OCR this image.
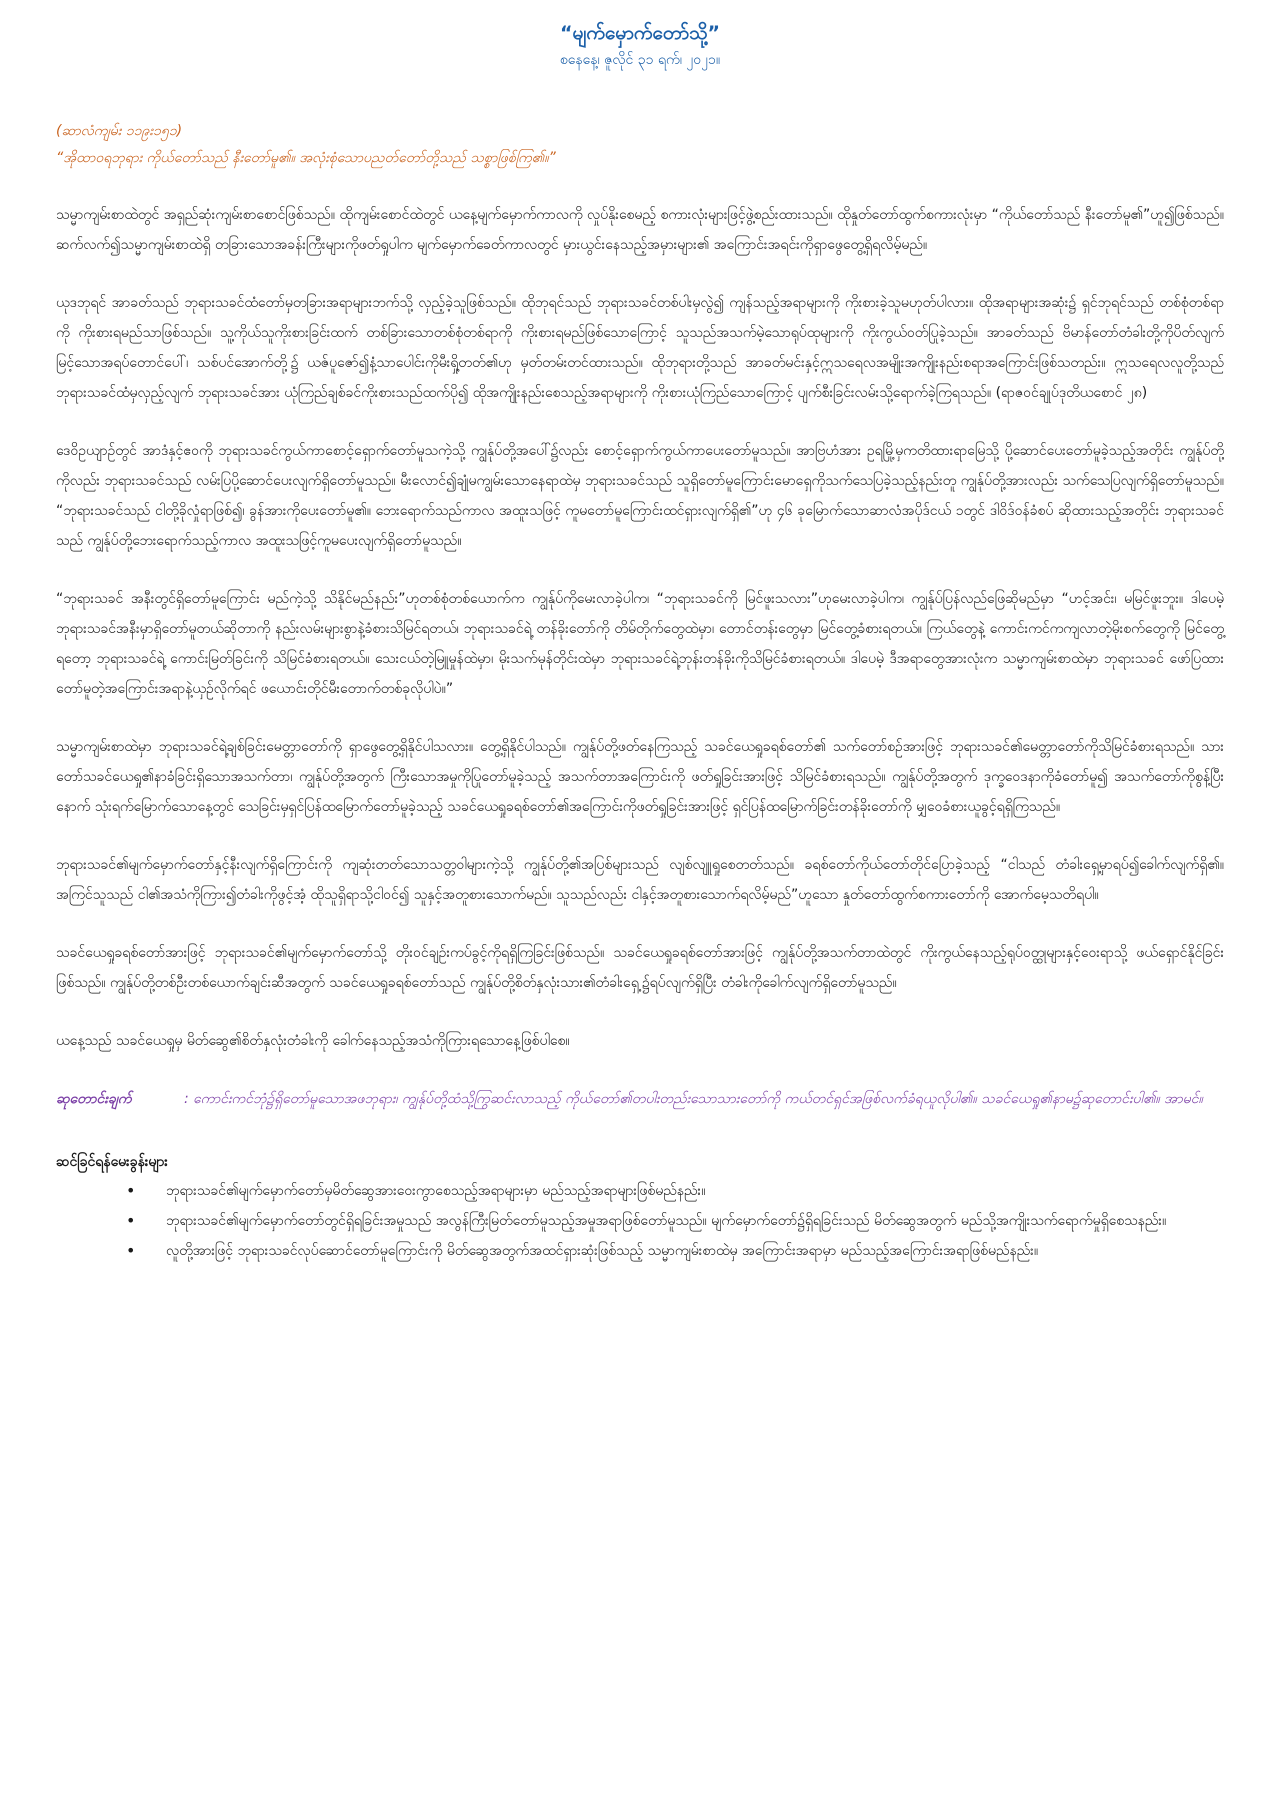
“မျက်မှောက်တော်သို့”

စနေနေ့၊ ဇူလိုင် ၃၁ ရက်၊ ၂၀၂၁။

(ဆာလံကျမ်း ၁၁၉း၁၅၁)

“အိုထာဝရဘုရား ကိုယ်တော်သည် နီးတော်မူ၏။ အလုံးစုံသောပညတ်တော်တို့သည် သစ္စာဖြစ်ကြ၏။”

သမ္မာကျမ်းစာထဲတွင် အရှည်ဆုံးကျမ်းစာစောင်ဖြစ်သည်။ ထိုကျမ်းစောင်ထဲတွင် ယနေ့မျက်မှောက်ကာလကို လှုပ်နိုးစေမည့် စကားလုံးများဖြင့်ဖွဲ့စည်းထားသည်။ ထိုနှုတ်တော်ထွက်စကားလုံးမှာ “ကိုယ်တော်သည် နီးတော်မူ၏”ဟူ၍ဖြစ်သည်။ ဆက်လက်၍သမ္မာကျမ်းစာထဲရှိ တခြားသောအခန်းကြီးများကိုဖတ်ရှုပါက မျက်မှောက်ခေတ်ကာလတွင် မှားယွင်းနေသည့်အမှားများ၏ အကြောင်းအရင်းကိုရှာဖွေတွေ့ရှိရလိမ့်မည်။

ယုဒဘုရင် အာခတ်သည် ဘုရားသခင်ထံတော်မှတခြားအရာများဘက်သို့ လှည့်ခဲ့သူဖြစ်သည်။ ထိုဘုရင်သည် ဘုရားသခင်တစ်ပါးမှလွဲ၍ ကျန်သည့်အရာများကို ကိုးစားခဲ့သူမဟုတ်ပါလား။ ထိုအရာများအဆုံး၌ ရှင်ဘုရင်သည် တစ်စုံတစ်ရာကို ကိုးစားရမည်သာဖြစ်သည်။ သူ့ကိုယ်သူကိုးစားခြင်းထက် တစ်ခြားသောတစ်စုံတစ်ရာကို ကိုးစားရမည်ဖြစ်သောကြောင့် သူသည်အသက်မဲ့သောရုပ်ထုများကို ကိုးကွယ်ဝတ်ပြုခဲ့သည်။ အာခတ်သည် ဗိမာန်တော်တံခါးတို့ကိုပိတ်လျက် မြင့်သောအရပ်တောင်ပေါ်၊ သစ်ပင်အောက်တို့၌ ယဇ်ပူဇော်၍နံ့သာပေါင်းကိုမီးရှို့တတ်၏ဟု မှတ်တမ်းတင်ထားသည်။ ထိုဘုရားတို့သည် အာခတ်မင်းနှင့်ဣသရေလအမျိုးအကျိုးနည်းစရာအကြောင်းဖြစ်သတည်း။ ဣသရေလလူတို့သည် ဘုရားသခင်ထံမှလှည့်လျက် ဘုရားသခင်အား ယုံကြည်ချစ်ခင်ကိုးစားသည်ထက်ပို၍ ထိုအကျိုးနည်းစေသည့်အရာများကို ကိုးစားယုံကြည်သောကြောင့် ပျက်စီးခြင်းလမ်းသို့ရောက်ခဲ့ကြရသည်။ (ရာဇဝင်ချုပ်ဒုတိယစောင် ၂၈)

ဒေဝိဥယျာဉ်တွင် အာဒံနှင့်ဧဝကို ဘုရားသခင်ကွယ်ကာစောင့်ရှောက်တော်မူသကဲ့သို့ ကျွန်ုပ်တို့အပေါ်၌လည်း စောင့်ရှောက်ကွယ်ကာပေးတော်မူသည်။ အာဗြဟံအား ဥရမြို့မှကတိထားရာမြေသို့ ပို့ဆောင်ပေးတော်မူခဲ့သည့်အတိုင်း ကျွန်ုပ်တို့ကိုလည်း ဘုရားသခင်သည် လမ်းပြပို့ဆောင်ပေးလျက်ရှိတော်မူသည်။ မီးလောင်၍ချုံမကျွမ်းသောနေရာထဲမှ ဘုရားသခင်သည် သူရှိတော်မူကြောင်းမောရှေကိုသက်သေပြခဲ့သည့်နည်းတူ ကျွန်ုပ်တို့အားလည်း သက်သေပြလျက်ရှိတော်မူသည်။ “ဘုရားသခင်သည် ငါတို့ခိုလှုံရာဖြစ်၍၊ ခွန်အားကိုပေးတော်မူ၏။ ဘေးရောက်သည်ကာလ အထူးသဖြင့် ကူမတော်မူကြောင်းထင်ရှားလျက်ရှိ၏”ဟု ၄၆ ခုမြောက်သောဆာလံအပိုဒ်ငယ် ၁တွင် ဒါဝိဒ်ဝန်ခံစပ် ဆိုထားသည့်အတိုင်း ဘုရားသခင်သည် ကျွန်ုပ်တို့ဘေးရောက်သည့်ကာလ အထူးသဖြင့်ကူမပေးလျက်ရှိတော်မူသည်။

“ဘုရားသခင် အနီးတွင်ရှိတော်မူကြောင်း မည်ကဲ့သို့ သိနိုင်မည်နည်း”ဟုတစ်စုံတစ်ယောက်က ကျွန်ုပ်ကိုမေးလာခဲ့ပါက၊ “ဘုရားသခင်ကို မြင်ဖူးသလား”ဟုမေးလာခဲ့ပါက၊ ကျွန်ုပ်ပြန်လည်ဖြေဆိုမည်မှာ “ဟင့်အင်း၊ မမြင်ဖူးဘူး။ ဒါပေမဲ့ဘုရားသခင်အနီးမှာရှိတော်မူတယ်ဆိုတာကို နည်းလမ်းများစွာနဲ့ခံစားသိမြင်ရတယ်၊ ဘုရားသခင်ရဲ့ တန်ခိုးတော်ကို တိမ်တိုက်တွေထဲမှာ၊ တောင်တန်းတွေမှာ မြင်တွေ့ခံစားရတယ်။ ကြယ်တွေနဲ့ ကောင်းကင်ကကျလာတဲ့မိုးစက်တွေကို မြင်တွေ့ရတော့ ဘုရားသခင်ရဲ့ ကောင်းမြတ်ခြင်းကို သိမြင်ခံစားရတယ်။ သေးငယ်တဲ့မြူမှုန်ထဲမှာ၊ မိုးသက်မုန်တိုင်းထဲမှာ ဘုရားသခင်ရဲ့ဘုန်းတန်ခိုးကိုသိမြင်ခံစားရတယ်။ ဒါပေမဲ့ ဒီအရာတွေအားလုံးက သမ္မာကျမ်းစာထဲမှာ ဘုရားသခင် ဖော်ပြထားတော်မူတဲ့အကြောင်းအရာနဲ့ယှဉ်လိုက်ရင် ဖယောင်းတိုင်မီးတောက်တစ်ခုလိုပါပဲ။”

သမ္မာကျမ်းစာထဲမှာ ဘုရားသခင်ရဲ့ချစ်ခြင်းမေတ္တာတော်ကို ရှာဖွေတွေ့ရှိနိုင်ပါသလား။ တွေ့ရှိနိုင်ပါသည်။ ကျွန်ုပ်တို့ဖတ်နေကြသည့် သခင်ယေရှုခရစ်တော်၏ သက်တော်စဉ်အားဖြင့် ဘုရားသခင်၏မေတ္တာတော်ကိုသိမြင်ခံစားရသည်။ သားတော်သခင်ယေရှု၏နာခံခြင်းရှိသောအသက်တာ၊ ကျွန်ုပ်တို့အတွက် ကြီးသောအမှုကိုပြုတော်မူခဲ့သည့် အသက်တာအကြောင်းကို ဖတ်ရှုခြင်းအားဖြင့် သိမြင်ခံစားရသည်။ ကျွန်ုပ်တို့အတွက် ဒုက္ခဝေဒနာကိုခံတော်မူ၍ အသက်တော်ကိုစွန့်ပြီးနောက် သုံးရက်မြောက်သောနေ့တွင် သေခြင်းမှရှင်ပြန်ထမြောက်တော်မူခဲ့သည့် သခင်ယေရှုခရစ်တော်၏အကြောင်းကိုဖတ်ရှုခြင်းအားဖြင့် ရှင်ပြန်ထမြောက်ခြင်းတန်ခိုးတော်ကို မျှဝေခံစားယူခွင့်ရရှိကြသည်။

ဘုရားသခင်၏မျက်မှောက်တော်နှင့်နီးလျက်ရှိကြောင်းကို ကျဆုံးတတ်သောသတ္တဝါများကဲ့သို့ ကျွန်ုပ်တို့၏အပြစ်များသည် လျစ်လျူရှုစေတတ်သည်။ ခရစ်တော်ကိုယ်တော်တိုင်ပြောခဲ့သည့် “ငါသည် တံခါးရှေ့မှာရပ်၍ခေါက်လျက်ရှိ၏။ အကြင်သူသည် ငါ၏အသံကိုကြား၍တံခါးကိုဖွင့်အံ့ ထိုသူရှိရာသို့ငါဝင်၍ သူနှင့်အတူစားသောက်မည်။ သူသည်လည်း ငါနှင့်အတူစားသောက်ရလိမ့်မည်”ဟူသော နှုတ်တော်ထွက်စကားတော်ကို အောက်မေ့သတိရပါ။

သခင်ယေရှုခရစ်တော်အားဖြင့် ဘုရားသခင်၏မျက်မှောက်တော်သို့ တိုးဝင်ချဉ်းကပ်ခွင့်ကိုရရှိကြခြင်းဖြစ်သည်။ သခင်ယေရှုခရစ်တော်အားဖြင့် ကျွန်ုပ်တို့အသက်တာထဲတွင် ကိုးကွယ်နေသည့်ရုပ်ဝတ္ထုများနှင့်ဝေးရာသို့ ဖယ်ရှောင်နိုင်ခြင်းဖြစ်သည်။ ကျွန်ုပ်တို့တစ်ဦးတစ်ယောက်ချင်းဆီအတွက် သခင်ယေရှုခရစ်တော်သည် ကျွန်ုပ်တို့စိတ်နှလုံးသား၏တံခါးရှေ့၌ရပ်လျက်ရှိပြီး တံခါးကိုခေါက်လျက်ရှိတော်မူသည်။

ယနေ့သည် သခင်ယေရှုမှ မိတ်ဆွေ၏စိတ်နှလုံးတံခါးကို ခေါက်နေသည့်အသံကိုကြားရသောနေ့ဖြစ်ပါစေ။

ဆုတောင်းချက်	: ကောင်းကင်ဘုံ၌ရှိတော်မူသောအဖဘုရား၊ ကျွန်ုပ်တို့ထံသို့ကြွဆင်းလာသည့် ကိုယ်တော်၏တပါးတည်းသောသားတော်ကို ကယ်တင်ရှင်အဖြစ်လက်ခံရယူလိုပါ၏။ သခင်ယေရှု၏နာမ၌ဆုတောင်းပါ၏။ အာမင်။

ဆင်ခြင်ရန်မေးခွန်းများ

• ဘုရားသခင်၏မျက်မှောက်တော်မှမိတ်ဆွေအားဝေးကွာစေသည့်အရာများမှာ မည်သည့်အရာများဖြစ်မည်နည်း။
• ဘုရားသခင်၏မျက်မှောက်တော်တွင်ရှိရခြင်းအမှုသည် အလွန်ကြီးမြတ်တော်မူသည့်အမှုအရာဖြစ်တော်မူသည်။ မျက်မှောက်တော်၌ရှိရခြင်းသည် မိတ်ဆွေအတွက် မည်သို့အကျိုးသက်ရောက်မှုရှိစေသနည်း။
• လူတို့အားဖြင့် ဘုရားသခင်လုပ်ဆောင်တော်မူကြောင်းကို မိတ်ဆွေအတွက်အထင်ရှားဆုံးဖြစ်သည့် သမ္မာကျမ်းစာထဲမှ အကြောင်းအရာမှာ မည်သည့်အကြောင်းအရာဖြစ်မည်နည်း။
